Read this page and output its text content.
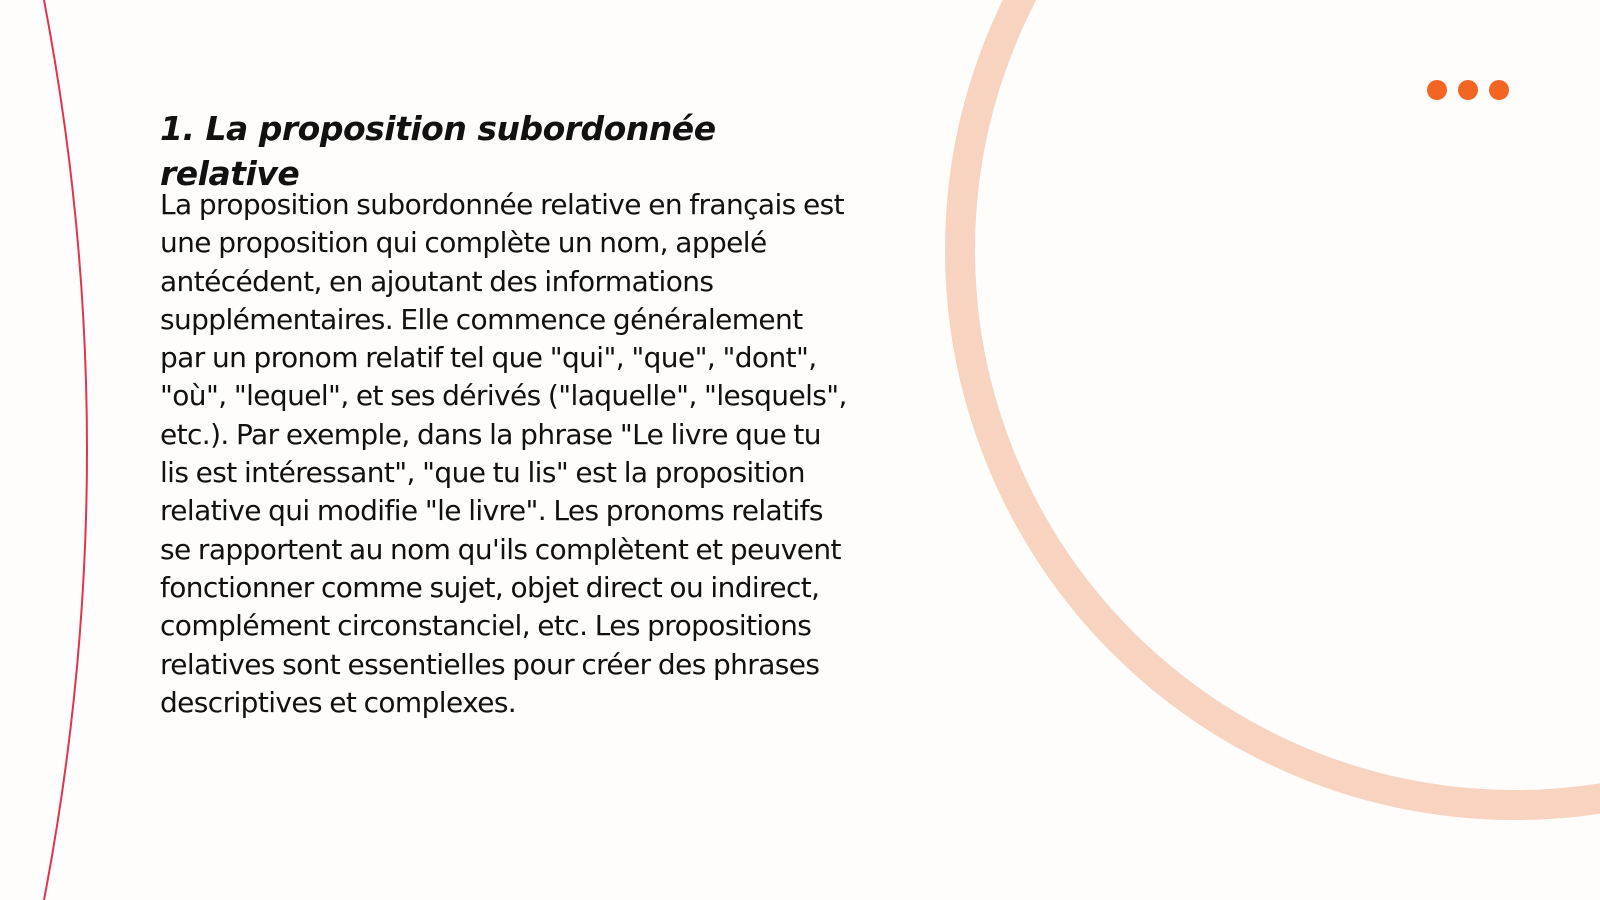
1. La proposition subordonnée relative

La proposition subordonnée relative en français est une proposition qui complète un nom, appelé antécédent, en ajoutant des informations supplémentaires. Elle commence généralement par un pronom relatif tel que "qui", "que", "dont", "où", "lequel", et ses dérivés ("laquelle", "lesquels", etc.). Par exemple, dans la phrase "Le livre que tu lis est intéressant", "que tu lis" est la proposition relative qui modifie "le livre". Les pronoms relatifs se rapportent au nom qu'ils complètent et peuvent fonctionner comme sujet, objet direct ou indirect, complément circonstanciel, etc. Les propositions relatives sont essentielles pour créer des phrases descriptives et complexes.
